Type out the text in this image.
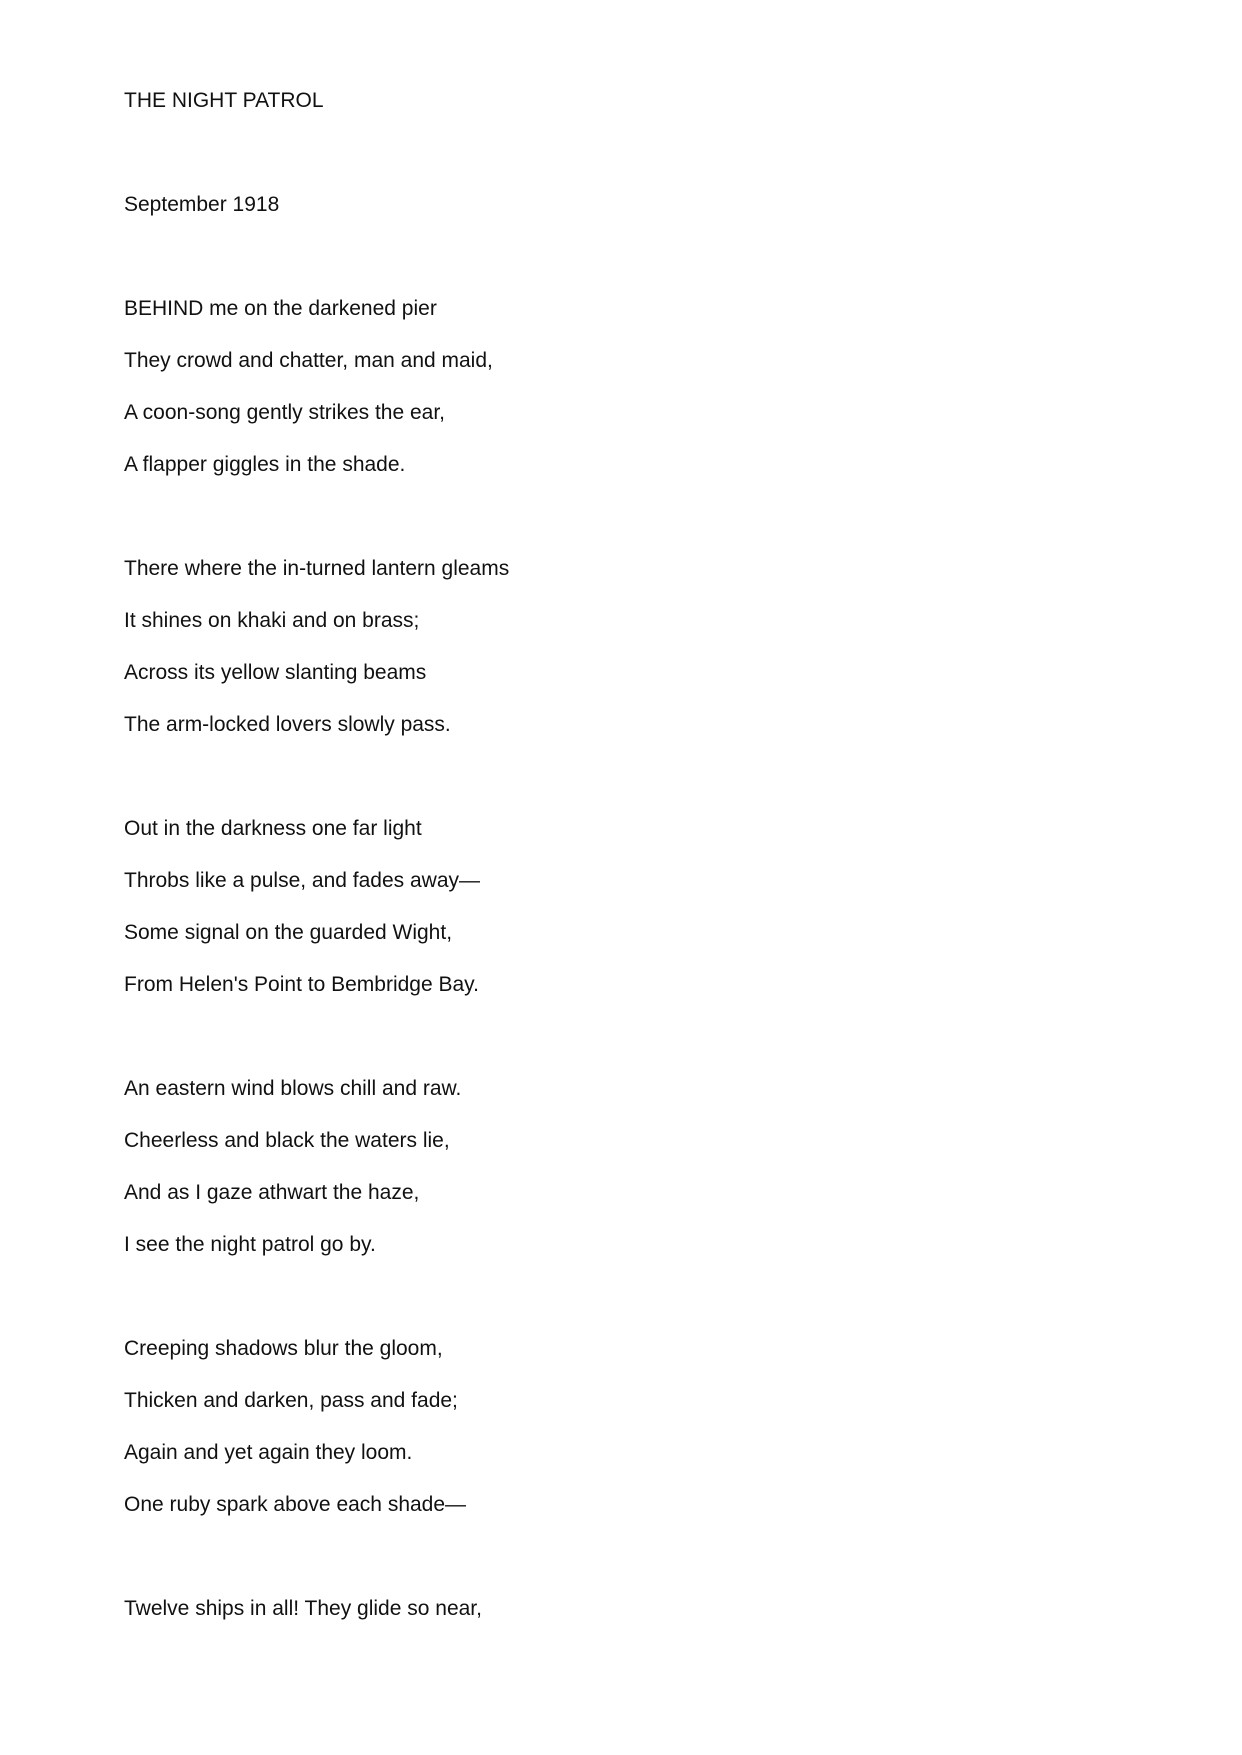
THE NIGHT PATROL

September 1918

BEHIND me on the darkened pier

They crowd and chatter, man and maid,

A coon-song gently strikes the ear,

A flapper giggles in the shade.

There where the in-turned lantern gleams

It shines on khaki and on brass;

Across its yellow slanting beams

The arm-locked lovers slowly pass.

Out in the darkness one far light

Throbs like a pulse, and fades away—

Some signal on the guarded Wight,

From Helen's Point to Bembridge Bay.

An eastern wind blows chill and raw.

Cheerless and black the waters lie,

And as I gaze athwart the haze,

I see the night patrol go by.

Creeping shadows blur the gloom,

Thicken and darken, pass and fade;

Again and yet again they loom.

One ruby spark above each shade—

Twelve ships in all! They glide so near,
